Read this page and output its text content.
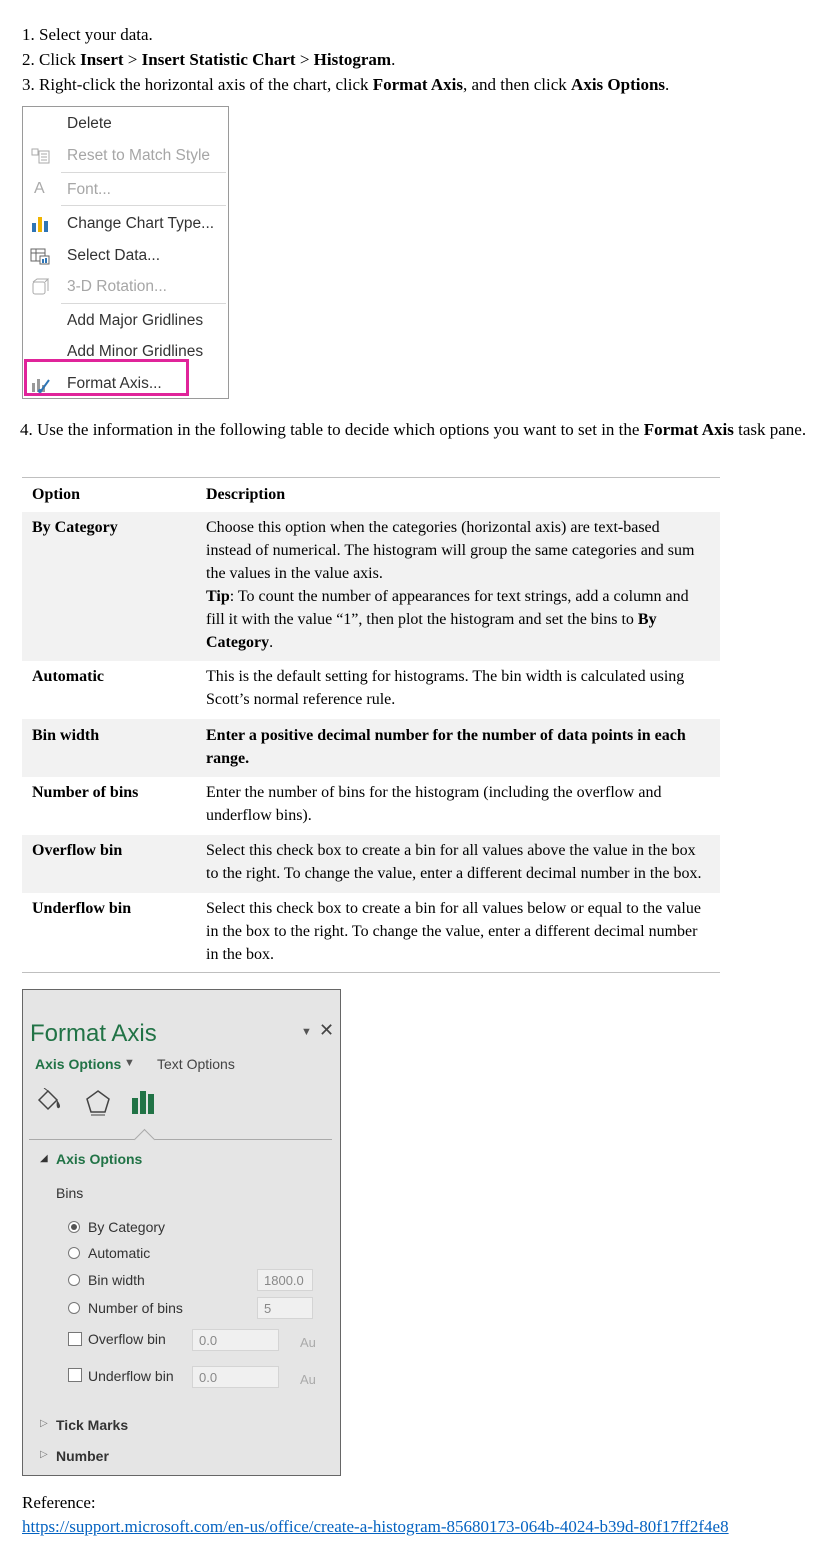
1. Select your data.
2. Click Insert > Insert Statistic Chart > Histogram.
3. Right-click the horizontal axis of the chart, click Format Axis, and then click Axis Options.
Delete
Reset to Match Style
A	Font...
Change Chart Type...
Select Data...
3-D Rotation...
Add Major Gridlines
Add Minor Gridlines
Format Axis...
4. Use the information in the following table to decide which options you want to set in the Format Axis task pane.
Option	Description
By Category	Choose this option when the categories (horizontal axis) are text-based instead of numerical. The histogram will group the same categories and sum the values in the value axis.
Tip: To count the number of appearances for text strings, add a column and fill it with the value “1”, then plot the histogram and set the bins to By Category.
Automatic	This is the default setting for histograms. The bin width is calculated using Scott’s normal reference rule.
Bin width	Enter a positive decimal number for the number of data points in each range.
Number of bins	Enter the number of bins for the histogram (including the overflow and underflow bins).
Overflow bin	Select this check box to create a bin for all values above the value in the box to the right. To change the value, enter a different decimal number in the box.
Underflow bin	Select this check box to create a bin for all values below or equal to the value in the box to the right. To change the value, enter a different decimal number in the box.
Format Axis	▼ ✕
Axis Options ▼ Text Options
◢ Axis Options
Bins
By Category
Automatic
Bin width	1800.0
Number of bins	5
Overflow bin	0.0	Au
Underflow bin	0.0	Au
▷ Tick Marks
▷ Number
Reference:
https://support.microsoft.com/en-us/office/create-a-histogram-85680173-064b-4024-b39d-80f17ff2f4e8
